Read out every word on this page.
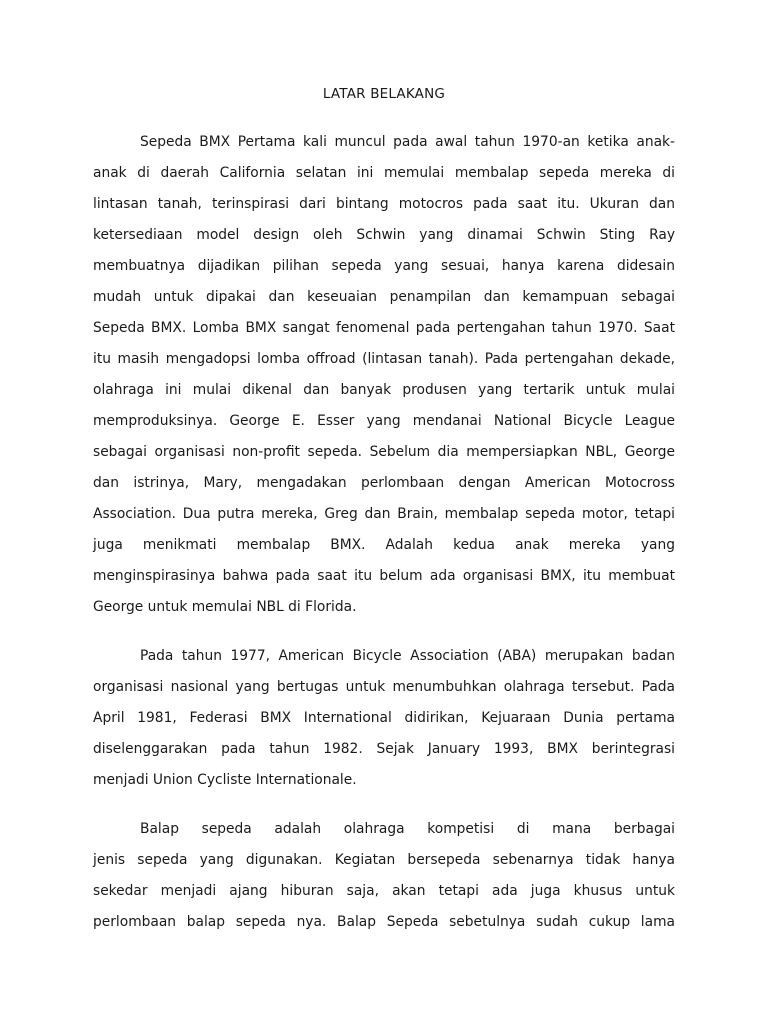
LATAR BELAKANG
Sepeda BMX Pertama kali muncul pada awal tahun 1970-an ketika anak-
anak di daerah California selatan ini memulai membalap sepeda mereka di
lintasan tanah, terinspirasi dari bintang motocros pada saat itu. Ukuran dan
ketersediaan model design oleh Schwin yang dinamai Schwin Sting Ray
membuatnya dijadikan pilihan sepeda yang sesuai, hanya karena didesain
mudah untuk dipakai dan keseuaian penampilan dan kemampuan sebagai
Sepeda BMX. Lomba BMX sangat fenomenal pada pertengahan tahun 1970. Saat
itu masih mengadopsi lomba offroad (lintasan tanah). Pada pertengahan dekade,
olahraga ini mulai dikenal dan banyak produsen yang tertarik untuk mulai
memproduksinya. George E. Esser yang mendanai National Bicycle League
sebagai organisasi non-profit sepeda. Sebelum dia mempersiapkan NBL, George
dan istrinya, Mary, mengadakan perlombaan dengan American Motocross
Association. Dua putra mereka, Greg dan Brain, membalap sepeda motor, tetapi
juga menikmati membalap BMX. Adalah kedua anak mereka yang
menginspirasinya bahwa pada saat itu belum ada organisasi BMX, itu membuat
George untuk memulai NBL di Florida.
Pada tahun 1977, American Bicycle Association (ABA) merupakan badan
organisasi nasional yang bertugas untuk menumbuhkan olahraga tersebut. Pada
April 1981, Federasi BMX International didirikan, Kejuaraan Dunia pertama
diselenggarakan pada tahun 1982. Sejak January 1993, BMX berintegrasi
menjadi Union Cycliste Internationale.
Balap sepeda adalah olahraga kompetisi di mana berbagai
jenis sepeda yang digunakan. Kegiatan bersepeda sebenarnya tidak hanya
sekedar menjadi ajang hiburan saja, akan tetapi ada juga khusus untuk
perlombaan balap sepeda nya. Balap Sepeda sebetulnya sudah cukup lama
